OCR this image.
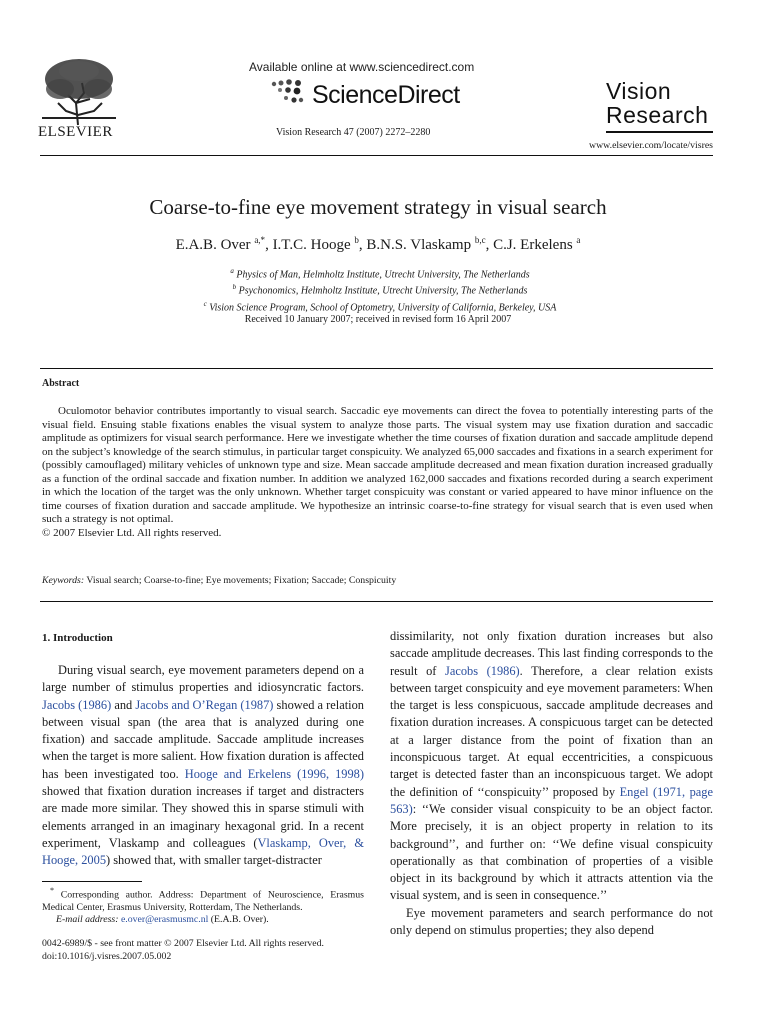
ELSEVIER
Available online at www.sciencedirect.com
ScienceDirect
Vision Research 47 (2007) 2272–2280
Vision
Research
www.elsevier.com/locate/visres
Coarse-to-fine eye movement strategy in visual search
E.A.B. Over $^{a,*}$, I.T.C. Hooge $^b$, B.N.S. Vlaskamp $^{b,c}$, C.J. Erkelens $^a$
$^a$ Physics of Man, Helmholtz Institute, Utrecht University, The Netherlands
$^b$ Psychonomics, Helmholtz Institute, Utrecht University, The Netherlands
$^c$ Vision Science Program, School of Optometry, University of California, Berkeley, USA
Received 10 January 2007; received in revised form 16 April 2007
Abstract
Oculomotor behavior contributes importantly to visual search. Saccadic eye movements can direct the fovea to potentially interesting parts of the visual field. Ensuing stable fixations enables the visual system to analyze those parts. The visual system may use fixation duration and saccadic amplitude as optimizers for visual search performance. Here we investigate whether the time courses of fixation duration and saccade amplitude depend on the subject’s knowledge of the search stimulus, in particular target conspicuity. We analyzed 65,000 saccades and fixations in a search experiment for (possibly camouflaged) military vehicles of unknown type and size. Mean saccade amplitude decreased and mean fixation duration increased gradually as a function of the ordinal saccade and fixation number. In addition we analyzed 162,000 saccades and fixations recorded during a search experiment in which the location of the target was the only unknown. Whether target conspicuity was constant or varied appeared to have minor influence on the time courses of fixation duration and saccade amplitude. We hypothesize an intrinsic coarse-to-fine strategy for visual search that is even used when such a strategy is not optimal.
© 2007 Elsevier Ltd. All rights reserved.
Keywords: Visual search; Coarse-to-fine; Eye movements; Fixation; Saccade; Conspicuity
1. Introduction

During visual search, eye movement parameters depend on a large number of stimulus properties and idiosyncratic factors. Jacobs (1986) and Jacobs and O’Regan (1987) showed a relation between visual span (the area that is analyzed during one fixation) and saccade amplitude. Saccade amplitude increases when the target is more salient. How fixation duration is affected has been investigated too. Hooge and Erkelens (1996, 1998) showed that fixation duration increases if target and distracters are made more similar. They showed this in sparse stimuli with elements arranged in an imaginary hexagonal grid. In a recent experiment, Vlaskamp and colleagues (Vlaskamp, Over, & Hooge, 2005) showed that, with smaller target-distracter

* Corresponding author. Address: Department of Neuroscience, Erasmus Medical Center, Erasmus University, Rotterdam, The Netherlands.
E-mail address: e.over@erasmusmc.nl (E.A.B. Over).
0042-6989/$ - see front matter © 2007 Elsevier Ltd. All rights reserved.
doi:10.1016/j.visres.2007.05.002

dissimilarity, not only fixation duration increases but also saccade amplitude decreases. This last finding corresponds to the result of Jacobs (1986). Therefore, a clear relation exists between target conspicuity and eye movement parameters: When the target is less conspicuous, saccade amplitude decreases and fixation duration increases. A conspicuous target can be detected at a larger distance from the point of fixation than an inconspicuous target. At equal eccentricities, a conspicuous target is detected faster than an inconspicuous target. We adopt the definition of ‘‘conspicuity’’ proposed by Engel (1971, page 563): ‘‘We consider visual conspicuity to be an object factor. More precisely, it is an object property in relation to its background’’, and further on: ‘‘We define visual conspicuity operationally as that combination of properties of a visible object in its background by which it attracts attention via the visual system, and is seen in consequence.’’

Eye movement parameters and search performance do not only depend on stimulus properties; they also depend
